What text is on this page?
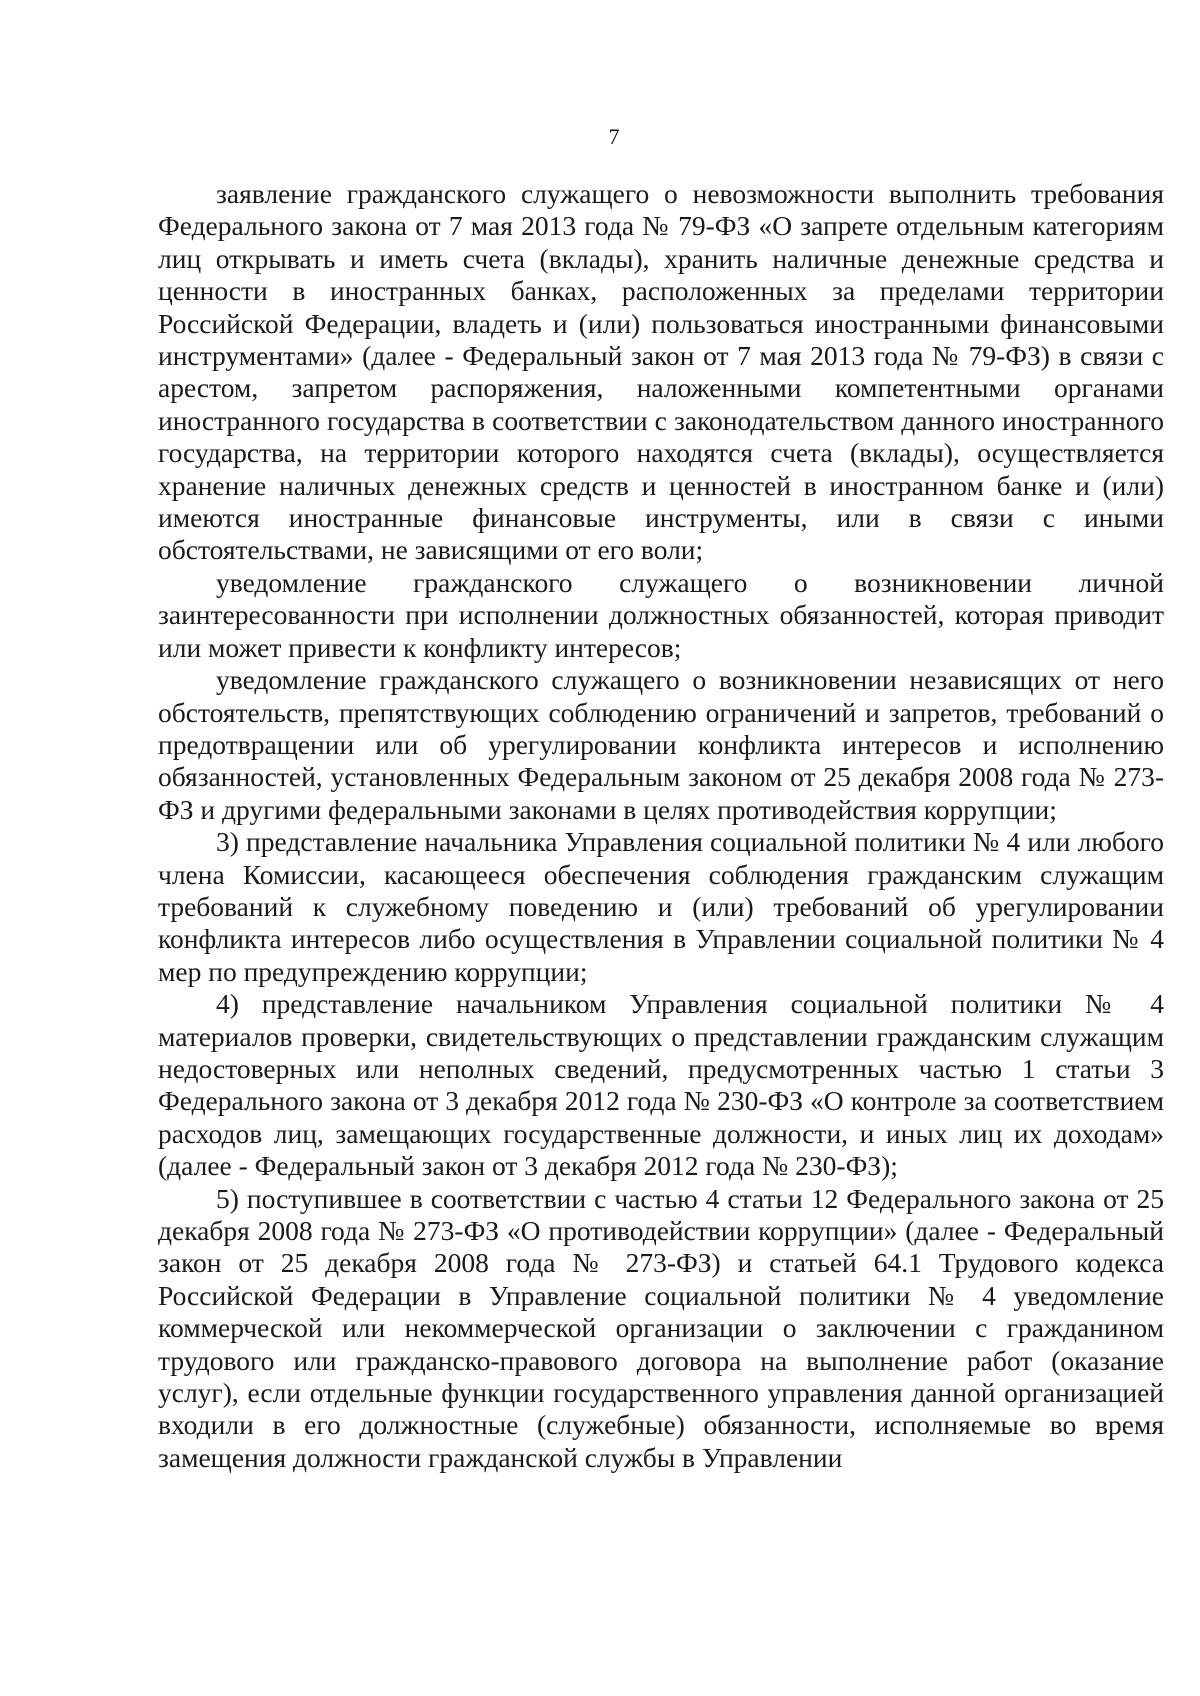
7

заявление гражданского служащего о невозможности выполнить требования Федерального закона от 7 мая 2013 года № 79-ФЗ «О запрете отдельным категориям лиц открывать и иметь счета (вклады), хранить наличные денежные средства и ценности в иностранных банках, расположенных за пределами территории Российской Федерации, владеть и (или) пользоваться иностранными финансовыми инструментами» (далее - Федеральный закон от 7 мая 2013 года № 79-ФЗ) в связи с арестом, запретом распоряжения, наложенными компетентными органами иностранного государства в соответствии с законодательством данного иностранного государства, на территории которого находятся счета (вклады), осуществляется хранение наличных денежных средств и ценностей в иностранном банке и (или) имеются иностранные финансовые инструменты, или в связи с иными обстоятельствами, не зависящими от его воли;

уведомление гражданского служащего о возникновении личной заинтересованности при исполнении должностных обязанностей, которая приводит или может привести к конфликту интересов;

уведомление гражданского служащего о возникновении независящих от него обстоятельств, препятствующих соблюдению ограничений и запретов, требований о предотвращении или об урегулировании конфликта интересов и исполнению обязанностей, установленных Федеральным законом от 25 декабря 2008 года № 273-ФЗ и другими федеральными законами в целях противодействия коррупции;

3) представление начальника Управления социальной политики № 4 или любого члена Комиссии, касающееся обеспечения соблюдения гражданским служащим требований к служебному поведению и (или) требований об урегулировании конфликта интересов либо осуществления в Управлении социальной политики № 4 мер по предупреждению коррупции;

4) представление начальником Управления социальной политики № 4 материалов проверки, свидетельствующих о представлении гражданским служащим недостоверных или неполных сведений, предусмотренных частью 1 статьи 3 Федерального закона от 3 декабря 2012 года № 230-ФЗ «О контроле за соответствием расходов лиц, замещающих государственные должности, и иных лиц их доходам» (далее - Федеральный закон от 3 декабря 2012 года № 230-ФЗ);

5) поступившее в соответствии с частью 4 статьи 12 Федерального закона от 25 декабря 2008 года № 273-ФЗ «О противодействии коррупции» (далее - Федеральный закон от 25 декабря 2008 года № 273-ФЗ) и статьей 64.1 Трудового кодекса Российской Федерации в Управление социальной политики № 4 уведомление коммерческой или некоммерческой организации о заключении с гражданином трудового или гражданско-правового договора на выполнение работ (оказание услуг), если отдельные функции государственного управления данной организацией входили в его должностные (служебные) обязанности, исполняемые во время замещения должности гражданской службы в Управлении
